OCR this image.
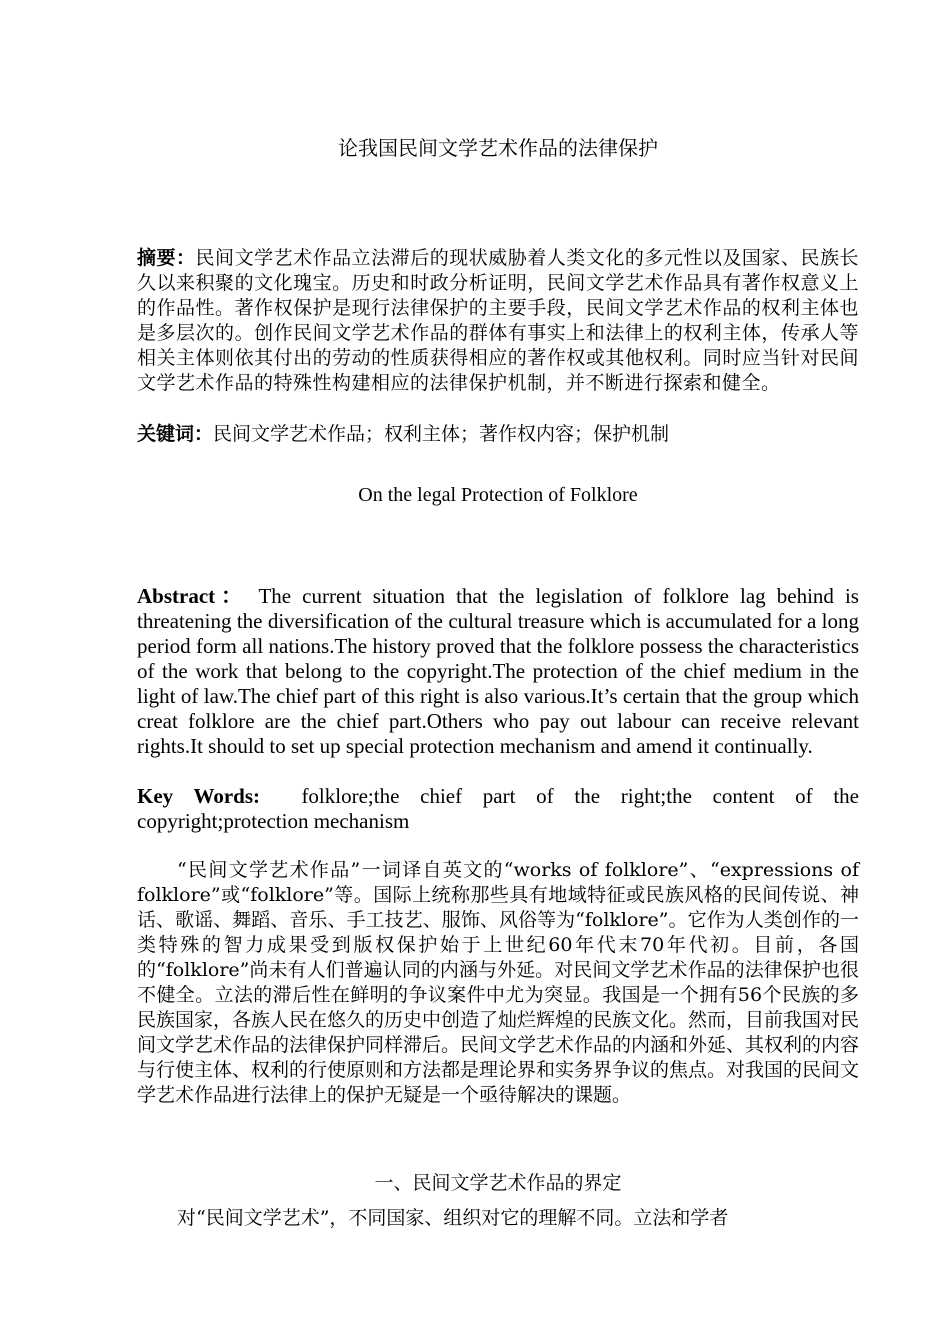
论我国民间文学艺术作品的法律保护
摘要：民间文学艺术作品立法滞后的现状威胁着人类文化的多元性以及国家、民族长久以来积聚的文化瑰宝。历史和时政分析证明，民间文学艺术作品具有著作权意义上的作品性。著作权保护是现行法律保护的主要手段，民间文学艺术作品的权利主体也是多层次的。创作民间文学艺术作品的群体有事实上和法律上的权利主体，传承人等相关主体则依其付出的劳动的性质获得相应的著作权或其他权利。同时应当针对民间文学艺术作品的特殊性构建相应的法律保护机制，并不断进行探索和健全。
关键词：民间文学艺术作品；权利主体；著作权内容；保护机制
On the legal Protection of Folklore
Abstract： The current situation that the legislation of folklore lag behind is threatening the diversification of the cultural treasure which is accumulated for a long period form all nations.The history proved that the folklore possess the characteristics of the work that belong to the copyright.The protection of the chief medium in the light of law.The chief part of this right is also various.It’s certain that the group which creat folklore are the chief part.Others who pay out labour can receive relevant rights.It should to set up special protection mechanism and amend it continually.
Key Words: folklore;the chief part of the right;the content of the copyright;protection mechanism
“民间文学艺术作品”一词译自英文的“works of folklore”、“expressions of folklore”或“folklore”等。国际上统称那些具有地域特征或民族风格的民间传说、神话、歌谣、舞蹈、音乐、手工技艺、服饰、风俗等为“folklore”。它作为人类创作的一类特殊的智力成果受到版权保护始于上世纪60年代末70年代初。目前，各国的“folklore”尚未有人们普遍认同的内涵与外延。对民间文学艺术作品的法律保护也很不健全。立法的滞后性在鲜明的争议案件中尤为突显。我国是一个拥有56个民族的多民族国家，各族人民在悠久的历史中创造了灿烂辉煌的民族文化。然而，目前我国对民间文学艺术作品的法律保护同样滞后。民间文学艺术作品的内涵和外延、其权利的内容与行使主体、权利的行使原则和方法都是理论界和实务界争议的焦点。对我国的民间文学艺术作品进行法律上的保护无疑是一个亟待解决的课题。
一、民间文学艺术作品的界定
对“民间文学艺术”，不同国家、组织对它的理解不同。立法和学者
